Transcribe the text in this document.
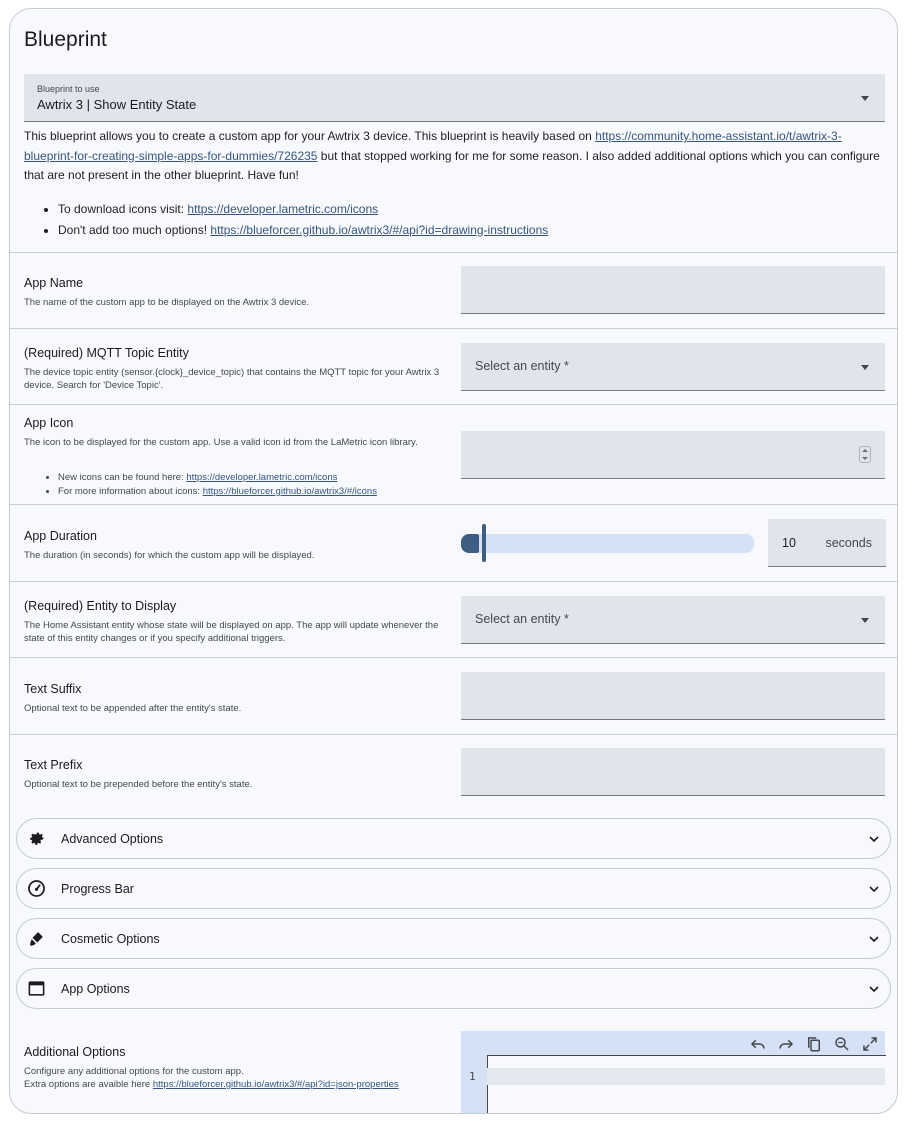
Blueprint
Blueprint to use
Awtrix 3 | Show Entity State
This blueprint allows you to create a custom app for your Awtrix 3 device. This blueprint is heavily based on https://community.home-assistant.io/t/awtrix-3-blueprint-for-creating-simple-apps-for-dummies/726235 but that stopped working for me for some reason. I also added additional options which you can configure that are not present in the other blueprint. Have fun!
• To download icons visit: https://developer.lametric.com/icons
• Don't add too much options! https://blueforcer.github.io/awtrix3/#/api?id=drawing-instructions
App Name
The name of the custom app to be displayed on the Awtrix 3 device.
(Required) MQTT Topic Entity
The device topic entity (sensor.{clock}_device_topic) that contains the MQTT topic for your Awtrix 3 device. Search for 'Device Topic'.
Select an entity *
App Icon
The icon to be displayed for the custom app. Use a valid icon id from the LaMetric icon library.
• New icons can be found here: https://developer.lametric.com/icons
• For more information about icons: https://blueforcer.github.io/awtrix3/#/icons
App Duration
The duration (in seconds) for which the custom app will be displayed.
10 seconds
(Required) Entity to Display
The Home Assistant entity whose state will be displayed on app. The app will update whenever the state of this entity changes or if you specify additional triggers.
Select an entity *
Text Suffix
Optional text to be appended after the entity's state.
Text Prefix
Optional text to be prepended before the entity's state.
Advanced Options
Progress Bar
Cosmetic Options
App Options
Additional Options
Configure any additional options for the custom app.
Extra options are avaible here https://blueforcer.github.io/awtrix3/#/api?id=json-properties
1
